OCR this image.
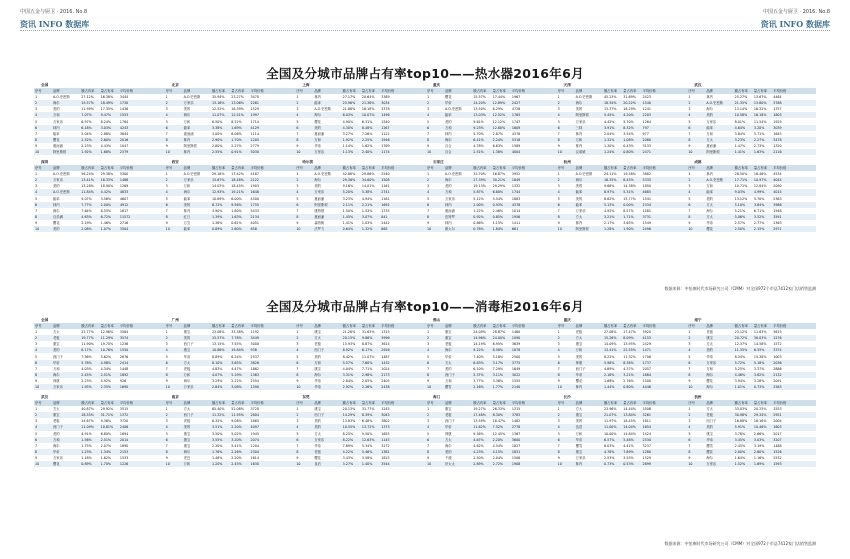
中国五金与厨卫 · 2016. No.8	中国五金与厨卫 · 2016. No.8
资讯 INFO 数据库	资讯 INFO 数据库
全国及分城市品牌占有率top10——热水器2016年6月
全国	北京	上海	重庆	天津	武汉
序号	品牌	额占有率	量占有率	平均价格	序号	品牌	额占有率	量占有率	平均价格	序号	品牌	额占有率	量占有率	平均价格	序号	品牌	额占有率	量占有率	平均价格	序号	品牌	额占有率	量占有率	平均价格	序号	品牌	额占有率	量占有率	平均价格
1	A.O.史密斯	27.12%	16.38%	3444	1	A.O.史密斯	35.94%	23.27%	3470	1	林内	27.17%	20.64%	3389	1	樱花	15.57%	17.44%	1967	1	A.O.史密斯	45.23%	31.69%	2423	1	林内	25.27%	13.67%	4464
2	海尔	15.57%	18.49%	1730	2	万家乐	13.16%	13.06%	2261	2	能率	25.96%	21.36%	3034	2	华帝	14.20%	12.89%	2427	2	海尔	18.34%	20.22%	1540	2	A.O.史密斯	21.35%	13.80%	3788
3	美的	11.99%	17.35%	1436	3	美的	12.52%	18.39%	1529	3	A.O.史密斯	21.88%	16.18%	3378	3	A.O.史密斯	13.50%	6.29%	4728	3	美的	13.37%	18.29%	1241	3	海尔	13.14%	16.32%	1757
4	万和	7.07%	9.47%	1553	4	海尔	11.07%	12.51%	1997	4	海尔	6.03%	10.07%	1496	4	能率	13.03%	12.52%	1765	4	阿里斯顿	5.45%	4.20%	2203	4	美的	10.58%	16.18%	1803
5	万家乐	6.97%	8.24%	1764	5	万和	6.50%	8.52%	1714	5	樱花	4.90%	6.31%	1540	5	美的	9.61%	12.12%	1747	5	万家乐	4.42%	5.70%	1264	5	万家乐	8.01%	11.54%	1929
6	林内	6.18%	3.03%	4243	6	能率	3.38%	1.69%	4129	6	美的	4.30%	8.48%	1267	6	万和	9.23%	12.60%	1609	6	三林	3.91%	8.32%	797	6	能率	4.64%	3.20%	3039
7	能率	5.04%	2.88%	3644	7	惠而浦	3.00%	6.06%	1114	7	惠而浦	3.27%	7.26%	1122	7	林内	5.70%	2.87%	4378	7	林内	2.04%	3.54%	977	7	万和	3.84%	5.71%	1645
8	樱花	2.52%	2.60%	2016	8	林内	2.90%	1.70%	1205	8	万和	1.92%	2.25%	1946	8	海尔	6.41%	2.24%	5318	8	万和	1.32%	1.08%	2080	8	方太	3.23%	2.27%	3478
9	惠而浦	2.23%	4.43%	1047	9	阿里斯顿	2.80%	2.27%	2779	9	华帝	1.14%	1.62%	1769	9	百合	4.78%	6.63%	1589	9	林内	1.30%	0.43%	3133	9	惠而浦	1.47%	2.73%	1320
10	阿里斯顿	1.92%	1.68%	2379	10	林内	2.55%	0.91%	5030	10	万家乐	1.13%	2.40%	1174	10	百合	2.51%	1.38%	4004	10	汉诺威	1.24%	0.80%	2471	10	阿里斯顿	1.41%	1.63%	2116
深圳	西安	哈尔滨	石家庄	杭州	成都
序号	品牌	额占有率	量占有率	平均价格	序号	品牌	额占有率	量占有率	平均价格	序号	品牌	额占有率	量占有率	平均价格	序号	品牌	额占有率	量占有率	平均价格	序号	品牌	额占有率	量占有率	平均价格	序号	品牌	额占有率	量占有率	平均价格
1	A.O.史密斯	56.24%	29.38%	5300	1	A.O.史密斯	29.18%	17.42%	4187	1	A.O.史密斯	42.88%	29.86%	2540	1	A.O.史密斯	32.70%	16.87%	3952	1	A.O.史密斯	24.11%	19.58%	3882	1	林内	28.50%	16.46%	4534
2	万家乐	13.41%	16.33%	1486	2	万家乐	15.67%	18.48%	2122	2	海尔	29.36%	34.60%	1508	2	海尔	27.39%	30.21%	1849	2	海尔	18.35%	8.45%	5335	2	A.O.史密斯	17.71%	10.97%	4044
3	美的	13.28%	18.90%	1269	3	万和	14.03%	18.45%	1903	3	美的	9.16%	14.01%	1161	3	美的	19.13%	29.29%	1332	3	美的	9.66%	14.38%	1850	3	万和	10.71%	12.84%	2090
4	A.O.史密斯	11.84%	4.42%	4833	4	海尔	12.93%	19.21%	1648	4	万家乐	5.20%	5.38%	2741	4	万和	5.87%	6.80%	1744	4	能率	8.97%	5.31%	4685	4	能率	9.03%	4.99%	4015
5	能率	9.07%	3.56%	4607	5	能率	10.69%	6.00%	4500	5	惠而浦	3.23%	4.94%	1161	5	万家乐	5.12%	5.54%	1883	5	美的	8.62%	15.77%	1541	5	美的	13.12%	5.70%	2363
6	林内	7.77%	2.00%	4912	6	美的	6.72%	9.56%	1755	6	阿里斯顿	2.11%	2.21%	1692	6	林内	2.00%	0.93%	4378	6	能率	5.13%	0.00%	2334	6	方太	5.10%	3.84%	3986
7	海尔	7.64%	8.55%	1617	7	林内	3.90%	1.80%	5433	7	康特纳	1.50%	1.53%	1735	7	惠而浦	1.22%	2.46%	1014	7	万家乐	4.92%	8.57%	1581	7	海尔	5.21%	6.71%	1948
8	百乐满	4.63%	6.72%	11572	8	红日	1.39%	1.63%	2134	8	惠而浦	1.45%	3.07%	841	8	皮特罗	0.92%	0.85%	1956	8	方太	3.21%	1.71%	3731	8	方太	5.06%	3.52%	3591
9	樱花	2.19%	1.46%	2716	9	万宝	1.36%	0.61%	4051	9	森特朗	1.41%	1.03%	2442	9	林内	0.86%	1.15%	1411	9	林内	2.17%	3.65%	1549	9	华帝	2.57%	2.77%	2363
10	美的	2.08%	1.07%	3504	10	能率	0.89%	2.60%	858	10	法罗力	0.64%	1.32%	865	10	斯太尔	0.78%	1.84%	661	10	阿里斯顿	1.28%	1.90%	2496	10	樱花	2.50%	2.15%	2971
数据来源：中怡康时代市场研究公司（CMM）对全国972个市县7412家门店销售监测
全国及分城市品牌占有率top10——消毒柜2016年6月
全国	广州	佛山	重庆	南宁
序号	品牌	额占有率	量占有率	平均价格	序号	品牌	额占有率	量占有率	平均价格	序号	品牌	额占有率	量占有率	平均价格	序号	品牌	额占有率	量占有率	平均价格	序号	品牌	额占有率	量占有率	平均价格	序号	品牌	额占有率	量占有率	平均价格
1	方太	22.77%	12.96%	3584	1	康宝	23.08%	33.38%	1192	1	康宝	21.26%	31.63%	1315	1	康宝	24.09%	28.87%	1460	1	老板	27.08%	17.47%	3920	1	老板	23.12%	11.83%	3615
2	老板	19.77%	11.29%	3574	2	美的	15.57%	7.78%	3449	2	方太	20.15%	9.86%	3996	2	康宝	14.96%	24.00%	1090	2	方太	15.26%	8.09%	4153	2	康宝	20.72%	30.03%	1276
3	康宝	11.90%	19.70%	1236	3	西门子	13.15%	7.55%	3000	3	老板	15.93%	8.87%	3614	3	老板	14.19%	6.95%	3639	3	康宝	14.09%	13.95%	2429	3	方太	12.37%	14.58%	1572
4	美的	8.17%	10.76%	1550	4	康宝	10.86%	19.84%	938	4	西门子	8.92%	6.17%	2926	4	海尔	9.22%	8.58%	1878	4	万和	13.41%	22.55%	1471	4	美的	11.35%	6.55%	3374
5	西门子	7.36%	5.62%	2676	5	华帝	8.89%	6.24%	2537	5	美的	8.42%	11.07%	1487	5	华帝	7.40%	5.18%	2500	5	美的	8.22%	11.32%	1706	5	华帝	8.34%	15.38%	1003
6	华帝	5.78%	4.98%	2414	6	方太	8.10%	3.65%	3826	6	万和	5.57%	7.60%	1432	6	方太	6.83%	3.17%	3775	6	帅康	5.98%	8.38%	1737	6	万家乐	5.72%	5.18%	2036
7	万和	4.03%	4.34%	1448	7	老板	4.83%	4.47%	1862	7	康宝	4.04%	7.71%	1024	7	美的	6.10%	7.29%	1649	7	西门子	4.89%	4.37%	2057	7	万和	5.25%	3.37%	2886
8	海尔	2.45%	2.51%	1892	8	万和	4.07%	5.19%	1363	8	海尔	3.31%	2.98%	2173	8	西门子	5.37%	3.11%	3022	8	华帝	2.18%	3.21%	1884	8	海尔	4.46%	3.82%	2132
9	帅康	2.23%	4.92%	926	9	海尔	3.29%	2.22%	2554	9	华帝	2.84%	2.05%	2405	9	万和	3.77%	3.36%	1555	9	樱花	1.68%	2.76%	1500	9	樱花	3.94%	3.28%	2091
10	万家乐	1.95%	2.35%	1690	10	万家乐	2.84%	3.08%	1590	10	华帝	2.92%	2.26%	2438	10	樱雪	2.16%	1.77%	2140	10	林内	1.44%	0.80%	4446	10	海尔	1.01%	0.73%	2563
武汉	南京	东莞	海口	长沙	杭州
序号	品牌	额占有率	量占有率	平均价格	序号	品牌	额占有率	量占有率	平均价格	序号	品牌	额占有率	量占有率	平均价格	序号	品牌	额占有率	量占有率	平均价格	序号	品牌	额占有率	量占有率	平均价格	序号	品牌	额占有率	量占有率	平均价格
1	方太	40.87%	29.92%	3515	1	方太	65.40%	52.08%	3720	1	康宝	20.13%	31.77%	1245	1	康宝	19.27%	26.33%	1315	1	方太	23.96%	14.44%	3506	1	方太	33.03%	20.25%	3553
2	康宝	18.55%	31.71%	1372	2	西门子	11.32%	11.95%	2804	2	西门子	14.29%	8.39%	3045	2	老板	17.48%	8.30%	3783	2	康宝	21.07%	13.84%	3261	2	老板	30.98%	29.34%	2951
3	老板	14.67%	9.36%	3720	3	老板	6.35%	9.08%	1865	3	美的	13.83%	6.48%	3802	3	西门子	13.59%	16.47%	1482	3	美的	11.97%	18.45%	1811	3	西门子	16.88%	16.16%	2004
4	西门子	11.09%	10.81%	2406	4	美的	3.51%	2.20%	4097	4	美的	10.55%	13.72%	1373	4	华帝	11.62%	7.52%	2778	4	伍浩	11.00%	14.04%	1654	4	美的	5.91%	10.46%	1603
5	美的	4.91%	6.80%	1694	5	康宝	3.50%	5.02%	1945	5	方太	8.25%	9.50%	1655	5	帅康	9.56%	12.45%	1367	5	万和	10.00%	14.84%	1424	5	康宝	3.78%	2.66%	2017
6	万和	1.56%	2.51%	2014	6	康宝	3.55%	3.20%	2074	6	万家乐	8.22%	12.63%	1145	6	方太	4.67%	2.20%	3600	6	华帝	6.57%	5.48%	2530	6	华帝	3.45%	3.03%	3207
7	海尔	1.75%	2.07%	1890	7	康宝	2.30%	5.41%	1204	7	华帝	7.89%	5.34%	3272	7	海尔	4.62%	4.54%	1827	7	樱雪	6.03%	4.41%	3237	7	樱雪	2.45%	3.19%	1488
8	华帝	1.23%	1.34%	2153	8	海尔	1.76%	2.26%	2304	8	老板	4.22%	5.46%	1381	8	美的	4.23%	4.15%	1831	8	康宝	4.78%	7.89%	1280	8	樱花	2.00%	2.60%	1526
9	万家乐	1.18%	1.62%	1533	9	老巴	1.46%	2.20%	1614	9	樱花	3.43%	3.58%	1815	9	千禧	2.50%	2.04%	1506	9	万家乐	2.53%	3.55%	1529	9	海尔	1.64%	1.16%	2532
10	樱花	0.89%	1.70%	1226	10	万和	1.20%	2.45%	1630	10	皇后	3.27%	1.40%	3544	10	好太太	2.89%	2.72%	1908	10	林内	0.73%	0.53%	2899	10	万家乐	1.52%	1.69%	1593
数据来源：中怡康时代市场研究公司（CMM）对全国972个市县7412家门店销售监测
